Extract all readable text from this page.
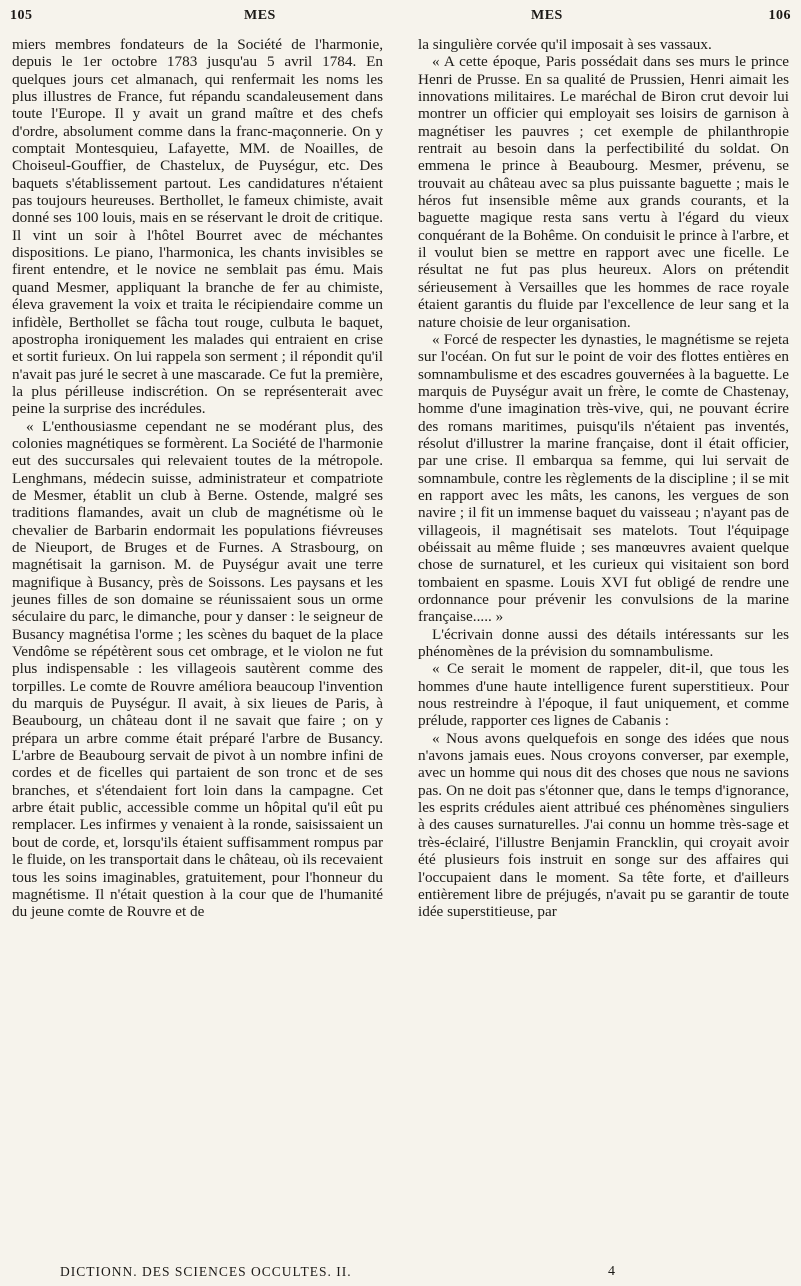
105	MES	MES	106

miers membres fondateurs de la Société de l'harmonie, depuis le 1er octobre 1783 jusqu'au 5 avril 1784. En quelques jours cet almanach, qui renfermait les noms les plus illustres de France, fut répandu scandaleusement dans toute l'Europe. Il y avait un grand maître et des chefs d'ordre, absolument comme dans la franc-maçonnerie. On y comptait Montesquieu, Lafayette, MM. de Noailles, de Choiseul-Gouffier, de Chastelux, de Puységur, etc. Des baquets s'établissement partout. Les candidatures n'étaient pas toujours heureuses. Berthollet, le fameux chimiste, avait donné ses 100 louis, mais en se réservant le droit de critique. Il vint un soir à l'hôtel Bourret avec de méchantes dispositions. Le piano, l'harmonica, les chants invisibles se firent entendre, et le novice ne semblait pas ému. Mais quand Mesmer, appliquant la branche de fer au chimiste, éleva gravement la voix et traita le récipiendaire comme un infidèle, Berthollet se fâcha tout rouge, culbuta le baquet, apostropha ironiquement les malades qui entraient en crise et sortit furieux. On lui rappela son serment ; il répondit qu'il n'avait pas juré le secret à une mascarade. Ce fut la première, la plus périlleuse indiscrétion. On se représenterait avec peine la surprise des incrédules.

« L'enthousiasme cependant ne se modérant plus, des colonies magnétiques se formèrent. La Société de l'harmonie eut des succursales qui relevaient toutes de la métropole. Lenghmans, médecin suisse, administrateur et compatriote de Mesmer, établit un club à Berne. Ostende, malgré ses traditions flamandes, avait un club de magnétisme où le chevalier de Barbarin endormait les populations fiévreuses de Nieuport, de Bruges et de Furnes. A Strasbourg, on magnétisait la garnison. M. de Puységur avait une terre magnifique à Busancy, près de Soissons. Les paysans et les jeunes filles de son domaine se réunissaient sous un orme séculaire du parc, le dimanche, pour y danser : le seigneur de Busancy magnétisa l'orme ; les scènes du baquet de la place Vendôme se répétèrent sous cet ombrage, et le violon ne fut plus indispensable : les villageois sautèrent comme des torpilles. Le comte de Rouvre améliora beaucoup l'invention du marquis de Puységur. Il avait, à six lieues de Paris, à Beaubourg, un château dont il ne savait que faire ; on y prépara un arbre comme était préparé l'arbre de Busancy. L'arbre de Beaubourg servait de pivot à un nombre infini de cordes et de ficelles qui partaient de son tronc et de ses branches, et s'étendaient fort loin dans la campagne. Cet arbre était public, accessible comme un hôpital qu'il eût pu remplacer. Les infirmes y venaient à la ronde, saisissaient un bout de corde, et, lorsqu'ils étaient suffisamment rompus par le fluide, on les transportait dans le château, où ils recevaient tous les soins imaginables, gratuitement, pour l'honneur du magnétisme. Il n'était question à la cour que de l'humanité du jeune comte de Rouvre et de

la singulière corvée qu'il imposait à ses vassaux.

« A cette époque, Paris possédait dans ses murs le prince Henri de Prusse. En sa qualité de Prussien, Henri aimait les innovations militaires. Le maréchal de Biron crut devoir lui montrer un officier qui employait ses loisirs de garnison à magnétiser les pauvres ; cet exemple de philanthropie rentrait au besoin dans la perfectibilité du soldat. On emmena le prince à Beaubourg. Mesmer, prévenu, se trouvait au château avec sa plus puissante baguette ; mais le héros fut insensible même aux grands courants, et la baguette magique resta sans vertu à l'égard du vieux conquérant de la Bohême. On conduisit le prince à l'arbre, et il voulut bien se mettre en rapport avec une ficelle. Le résultat ne fut pas plus heureux. Alors on prétendit sérieusement à Versailles que les hommes de race royale étaient garantis du fluide par l'excellence de leur sang et la nature choisie de leur organisation.

« Forcé de respecter les dynasties, le magnétisme se rejeta sur l'océan. On fut sur le point de voir des flottes entières en somnambulisme et des escadres gouvernées à la baguette. Le marquis de Puységur avait un frère, le comte de Chastenay, homme d'une imagination très-vive, qui, ne pouvant écrire des romans maritimes, puisqu'ils n'étaient pas inventés, résolut d'illustrer la marine française, dont il était officier, par une crise. Il embarqua sa femme, qui lui servait de somnambule, contre les règlements de la discipline ; il se mit en rapport avec les mâts, les canons, les vergues de son navire ; il fit un immense baquet du vaisseau ; n'ayant pas de villageois, il magnétisait ses matelots. Tout l'équipage obéissait au même fluide ; ses manœuvres avaient quelque chose de surnaturel, et les curieux qui visitaient son bord tombaient en spasme. Louis XVI fut obligé de rendre une ordonnance pour prévenir les convulsions de la marine française..... »

L'écrivain donne aussi des détails intéressants sur les phénomènes de la prévision du somnambulisme.

« Ce serait le moment de rappeler, dit-il, que tous les hommes d'une haute intelligence furent superstitieux. Pour nous restreindre à l'époque, il faut uniquement, et comme prélude, rapporter ces lignes de Cabanis :

« Nous avons quelquefois en songe des idées que nous n'avons jamais eues. Nous croyons converser, par exemple, avec un homme qui nous dit des choses que nous ne savions pas. On ne doit pas s'étonner que, dans le temps d'ignorance, les esprits crédules aient attribué ces phénomènes singuliers à des causes surnaturelles. J'ai connu un homme très-sage et très-éclairé, l'illustre Benjamin Francklin, qui croyait avoir été plusieurs fois instruit en songe sur des affaires qui l'occupaient dans le moment. Sa tête forte, et d'ailleurs entièrement libre de préjugés, n'avait pu se garantir de toute idée superstitieuse, par

DICTIONN. DES SCIENCES OCCULTES. II.	4
